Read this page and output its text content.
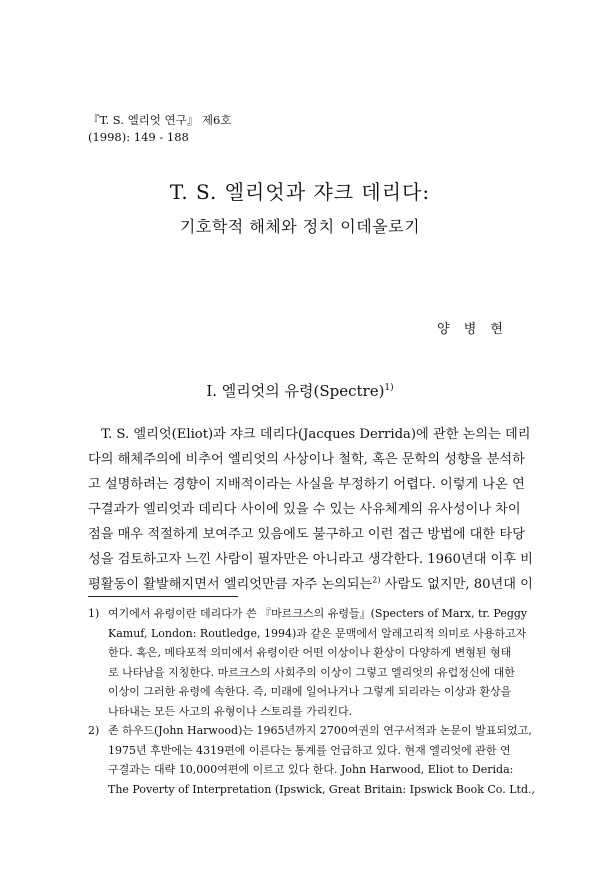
『T. S. 엘리엇 연구』 제6호
(1998): 149 - 188
T. S. 엘리엇과 쟈크 데리다:
기호학적 해체와 정치 이데올로기
양 병 현
I. 엘리엇의 유령(Spectre)$^{1)}$
　T. S. 엘리엇(Eliot)과 쟈크 데리다(Jacques Derrida)에 관한 논의는 데리
다의 해체주의에 비추어 엘리엇의 사상이나 철학, 혹은 문학의 성향을 분석하
고 설명하려는 경향이 지배적이라는 사실을 부정하기 어렵다. 이렇게 나온 연
구결과가 엘리엇과 데리다 사이에 있을 수 있는 사유체계의 유사성이나 차이
점을 매우 적절하게 보여주고 있음에도 불구하고 이런 접근 방법에 대한 타당
성을 검토하고자 느낀 사람이 필자만은 아니라고 생각한다. 1960년대 이후 비
평활동이 활발해지면서 엘리엇만큼 자주 논의되는$^{2)}$ 사람도 없지만, 80년대 이
1) 여기에서 유령이란 데리다가 쓴 『마르크스의 유령들』(Specters of Marx, tr. Peggy
Kamuf, London: Routledge, 1994)과 같은 문맥에서 알레고리적 의미로 사용하고자
한다. 혹은, 메타포적 의미에서 유령이란 어떤 이상이나 환상이 다양하게 변형된 형태
로 나타남을 지칭한다. 마르크스의 사회주의 이상이 그렇고 엘리엇의 유럽정신에 대한
이상이 그러한 유령에 속한다. 즉, 미래에 일어나거나 그렇게 되리라는 이상과 환상을
나타내는 모든 사고의 유형이나 스토리를 가리킨다.
2) 존 하우드(John Harwood)는 1965년까지 2700여권의 연구서적과 논문이 발표되었고,
1975년 후반에는 4319편에 이른다는 통계를 언급하고 있다. 현재 엘리엇에 관한 연
구결과는 대략 10,000여편에 이르고 있다 한다. John Harwood, Eliot to Derida:
The Poverty of Interpretation (Ipswick, Great Britain: Ipswick Book Co. Ltd.,
